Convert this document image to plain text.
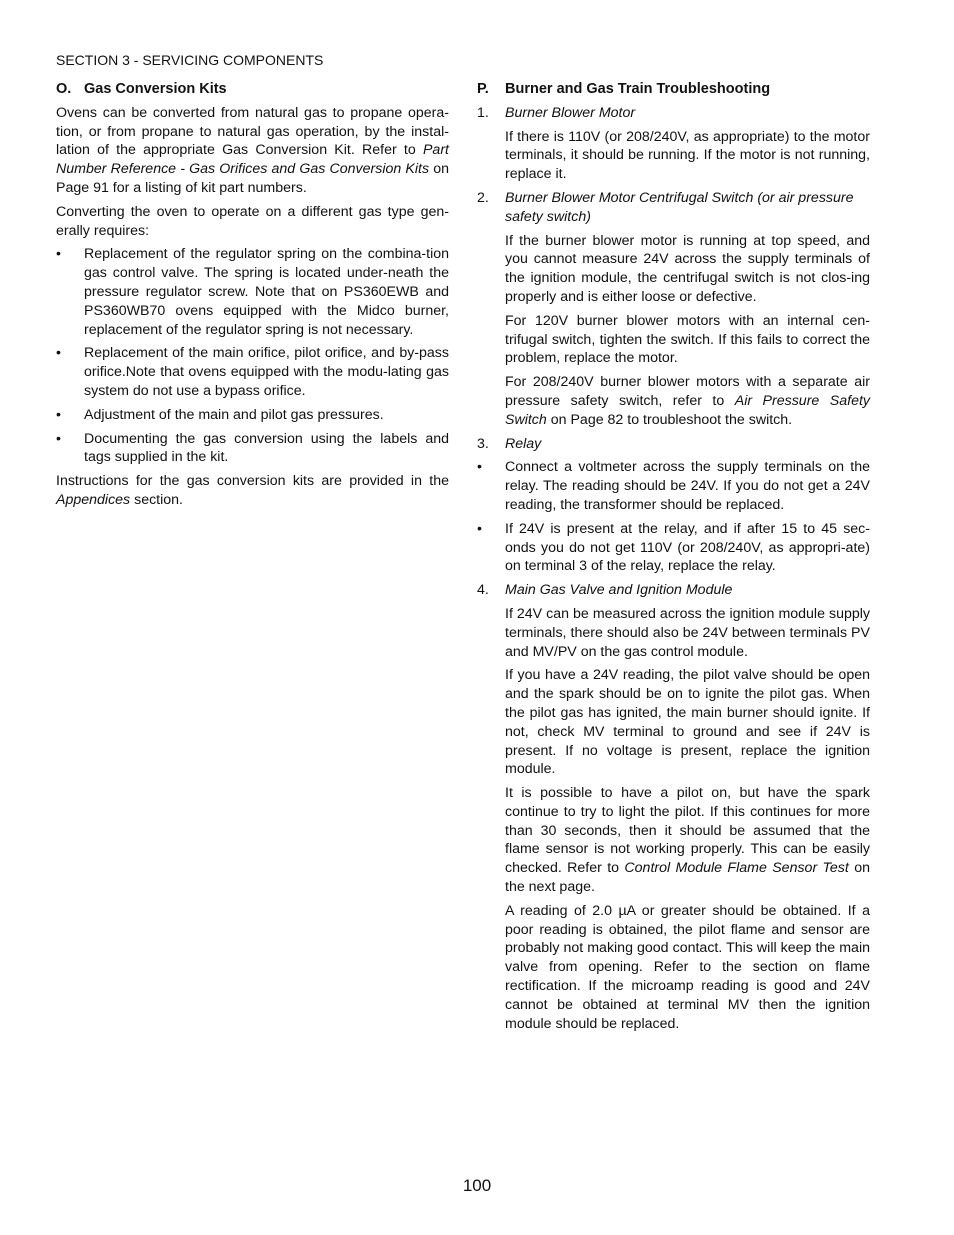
SECTION 3 - SERVICING COMPONENTS
O. Gas Conversion Kits

Ovens can be converted from natural gas to propane opera-tion, or from propane to natural gas operation, by the instal-lation of the appropriate Gas Conversion Kit. Refer to Part Number Reference - Gas Orifices and Gas Conversion Kits on Page 91 for a listing of kit part numbers.

Converting the oven to operate on a different gas type gen-erally requires:

• Replacement of the regulator spring on the combina-tion gas control valve. The spring is located under-neath the pressure regulator screw. Note that on PS360EWB and PS360WB70 ovens equipped with the Midco burner, replacement of the regulator spring is not necessary.
• Replacement of the main orifice, pilot orifice, and by-pass orifice.Note that ovens equipped with the modu-lating gas system do not use a bypass orifice.
• Adjustment of the main and pilot gas pressures.
• Documenting the gas conversion using the labels and tags supplied in the kit.

Instructions for the gas conversion kits are provided in the Appendices section.

P. Burner and Gas Train Troubleshooting
1. Burner Blower Motor

If there is 110V (or 208/240V, as appropriate) to the motor terminals, it should be running. If the motor is not running, replace it.

2. Burner Blower Motor Centrifugal Switch (or air pressure safety switch)

If the burner blower motor is running at top speed, and you cannot measure 24V across the supply terminals of the ignition module, the centrifugal switch is not clos-ing properly and is either loose or defective.

For 120V burner blower motors with an internal cen-trifugal switch, tighten the switch. If this fails to correct the problem, replace the motor.

For 208/240V burner blower motors with a separate air pressure safety switch, refer to Air Pressure Safety Switch on Page 82 to troubleshoot the switch.

3. Relay
• Connect a voltmeter across the supply terminals on the relay. The reading should be 24V. If you do not get a 24V reading, the transformer should be replaced.
• If 24V is present at the relay, and if after 15 to 45 sec-onds you do not get 110V (or 208/240V, as appropri-ate) on terminal 3 of the relay, replace the relay.
4. Main Gas Valve and Ignition Module

If 24V can be measured across the ignition module supply terminals, there should also be 24V between terminals PV and MV/PV on the gas control module.

If you have a 24V reading, the pilot valve should be open and the spark should be on to ignite the pilot gas. When the pilot gas has ignited, the main burner should ignite. If not, check MV terminal to ground and see if 24V is present. If no voltage is present, replace the ignition module.

It is possible to have a pilot on, but have the spark continue to try to light the pilot. If this continues for more than 30 seconds, then it should be assumed that the flame sensor is not working properly. This can be easily checked. Refer to Control Module Flame Sensor Test on the next page.

A reading of 2.0 µA or greater should be obtained. If a poor reading is obtained, the pilot flame and sensor are probably not making good contact. This will keep the main valve from opening. Refer to the section on flame rectification. If the microamp reading is good and 24V cannot be obtained at terminal MV then the ignition module should be replaced.

100
